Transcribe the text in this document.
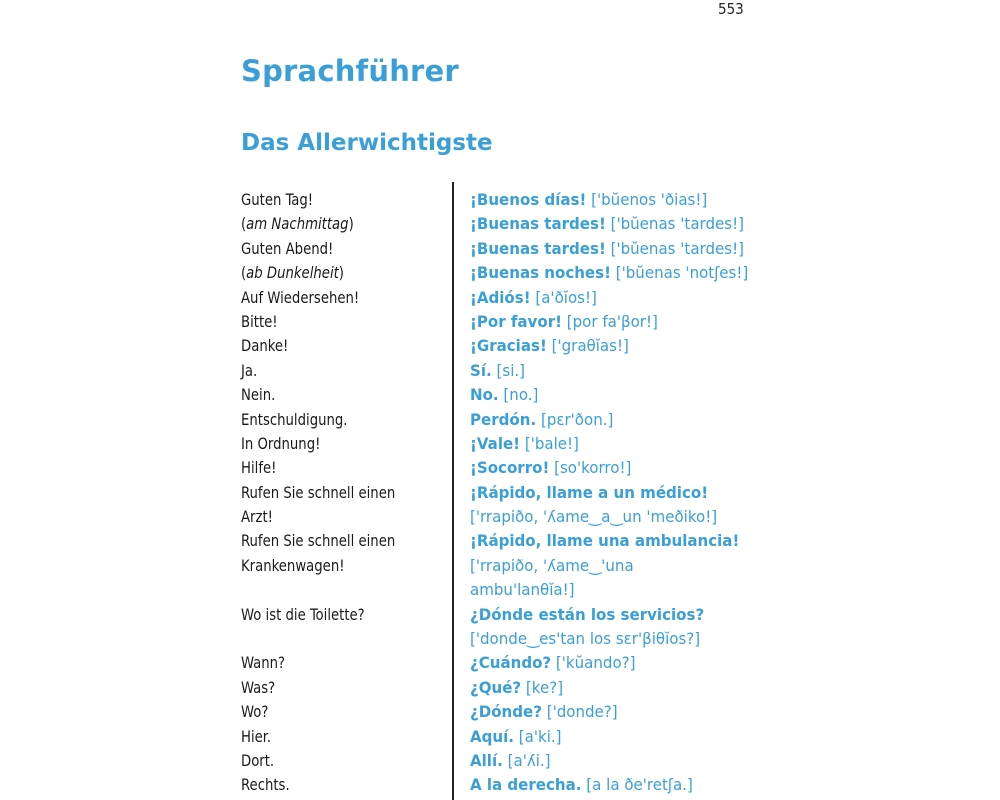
553
Sprachführer
Das Allerwichtigste
Guten Tag!
(am Nachmittag)
Guten Abend!
(ab Dunkelheit)
Auf Wiedersehen!
Bitte!
Danke!
Ja.
Nein.
Entschuldigung.
In Ordnung!
Hilfe!
Rufen Sie schnell einen
Arzt!
Rufen Sie schnell einen
Krankenwagen!
Wo ist die Toilette?
Wann?
Was?
Wo?
Hier.
Dort.
Rechts.
¡Buenos días! ['bŭenos 'ðias!]
¡Buenas tardes! ['bŭenas 'tardes!]
¡Buenas tardes! ['bŭenas 'tardes!]
¡Buenas noches! ['bŭenas 'notʃes!]
¡Adiós! [a'ðĭos!]
¡Por favor! [por fa'βor!]
¡Gracias! ['graθĭas!]
Sí. [si.]
No. [no.]
Perdón. [pɛr'ðon.]
¡Vale! ['bale!]
¡Socorro! [so'korro!]
¡Rápido, llame a un médico!
['rrapiðo, 'ʎame‿a‿un 'meðiko!]
¡Rápido, llame una ambulancia!
['rrapiðo, 'ʎame‿'una
ambu'lanθĭa!]
¿Dónde están los servicios?
['donde‿es'tan los sɛr'βiθĭos?]
¿Cuándo? ['kŭando?]
¿Qué? [ke?]
¿Dónde? ['donde?]
Aquí. [a'ki.]
Allí. [a'ʎi.]
A la derecha. [a la ðe'retʃa.]
